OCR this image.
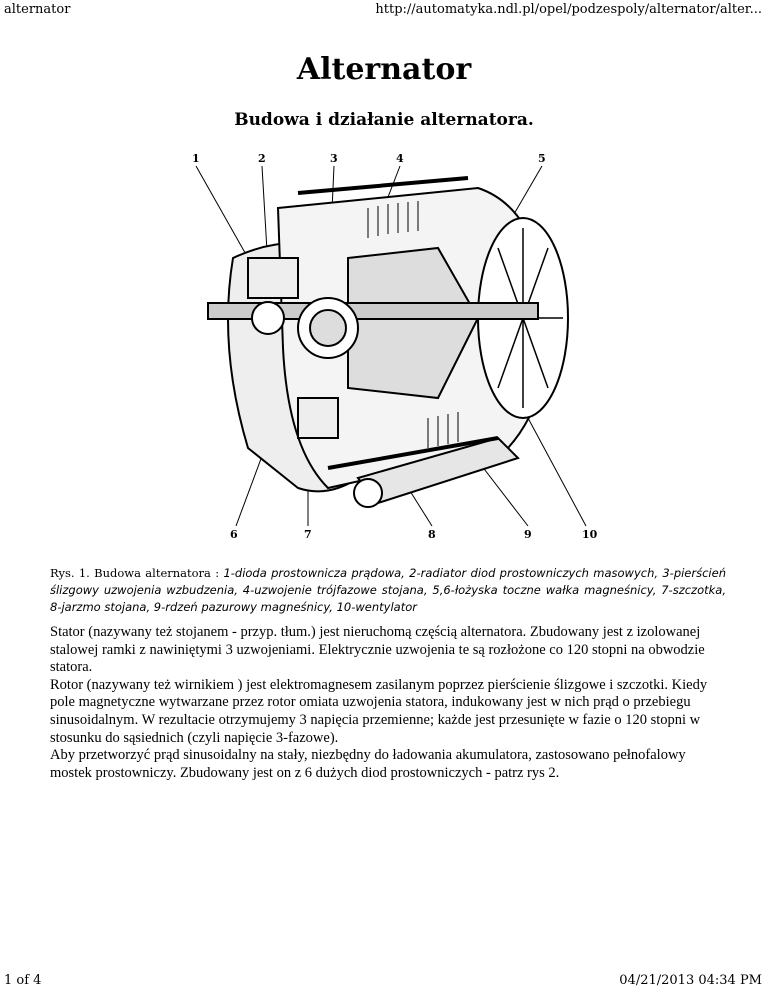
alternator	http://automatyka.ndl.pl/opel/podzespoly/alternator/alter...
Alternator
Budowa i działanie alternatora.
1	2	3	4	5
6	7	8	9	10
Rys. 1. Budowa alternatora : 1-dioda prostownicza prądowa, 2-radiator diod prostowniczych masowych, 3-pierścień ślizgowy uzwojenia wzbudzenia, 4-uzwojenie trójfazowe stojana, 5,6-łożyska toczne wałka magneśnicy, 7-szczotka, 8-jarzmo stojana, 9-rdzeń pazurowy magneśnicy, 10-wentylator

Stator (nazywany też stojanem - przyp. tłum.) jest nieruchomą częścią alternatora. Zbudowany jest z izolowanej stalowej ramki z nawiniętymi 3 uzwojeniami. Elektrycznie uzwojenia te są rozłożone co 120 stopni na obwodzie statora.

Rotor (nazywany też wirnikiem ) jest elektromagnesem zasilanym poprzez pierścienie ślizgowe i szczotki. Kiedy pole magnetyczne wytwarzane przez rotor omiata uzwojenia statora, indukowany jest w nich prąd o przebiegu sinusoidalnym. W rezultacie otrzymujemy 3 napięcia przemienne; każde jest przesunięte w fazie o 120 stopni w stosunku do sąsiednich (czyli napięcie 3-fazowe).

Aby przetworzyć prąd sinusoidalny na stały, niezbędny do ładowania akumulatora, zastosowano pełnofalowy mostek prostowniczy. Zbudowany jest on z 6 dużych diod prostowniczych - patrz rys 2.

1 of 4	04/21/2013 04:34 PM
